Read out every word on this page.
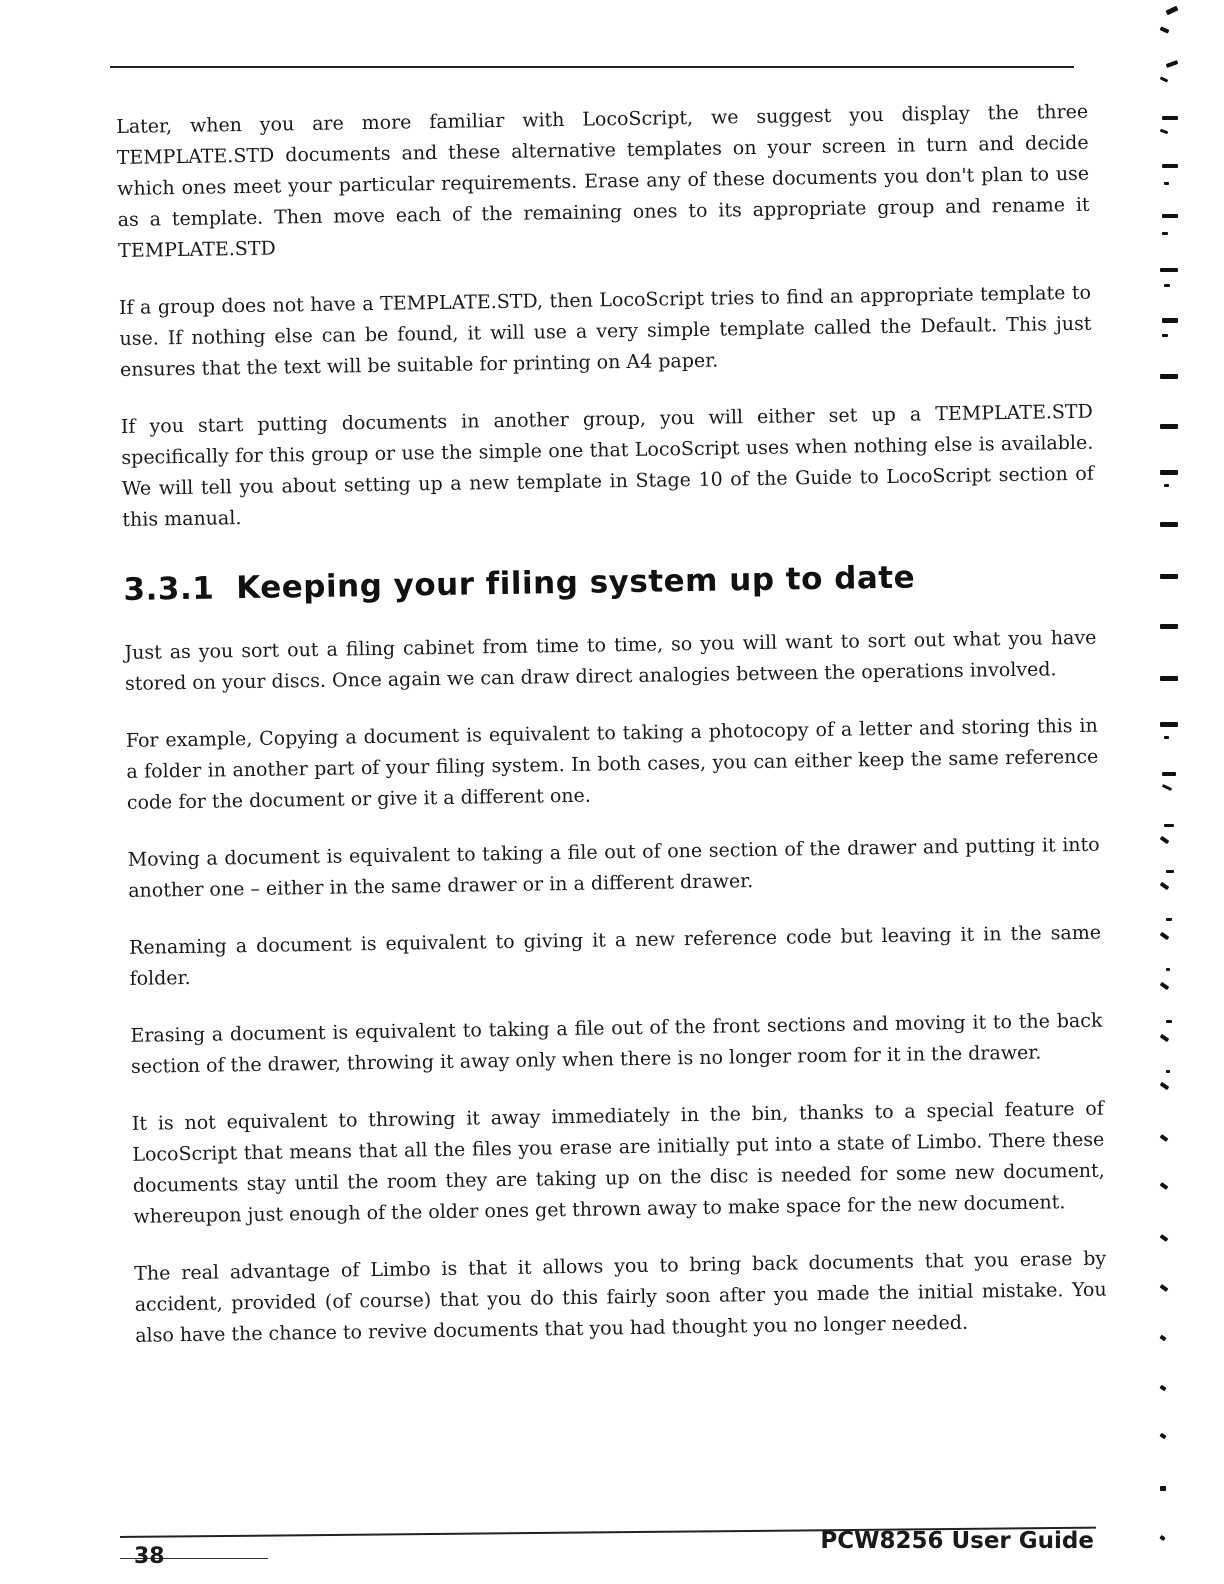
Later, when you are more familiar with LocoScript, we suggest you display the three TEMPLATE.STD documents and these alternative templates on your screen in turn and decide which ones meet your particular requirements. Erase any of these documents you don't plan to use as a template. Then move each of the remaining ones to its appropriate group and rename it TEMPLATE.STD

If a group does not have a TEMPLATE.STD, then LocoScript tries to find an appropriate template to use. If nothing else can be found, it will use a very simple template called the Default. This just ensures that the text will be suitable for printing on A4 paper.

If you start putting documents in another group, you will either set up a TEMPLATE.STD specifically for this group or use the simple one that LocoScript uses when nothing else is available. We will tell you about setting up a new template in Stage 10 of the Guide to LocoScript section of this manual.

3.3.1 Keeping your filing system up to date

Just as you sort out a filing cabinet from time to time, so you will want to sort out what you have stored on your discs. Once again we can draw direct analogies between the operations involved.

For example, Copying a document is equivalent to taking a photocopy of a letter and storing this in a folder in another part of your filing system. In both cases, you can either keep the same reference code for the document or give it a different one.

Moving a document is equivalent to taking a file out of one section of the drawer and putting it into another one – either in the same drawer or in a different drawer.

Renaming a document is equivalent to giving it a new reference code but leaving it in the same folder.

Erasing a document is equivalent to taking a file out of the front sections and moving it to the back section of the drawer, throwing it away only when there is no longer room for it in the drawer.

It is not equivalent to throwing it away immediately in the bin, thanks to a special feature of LocoScript that means that all the files you erase are initially put into a state of Limbo. There these documents stay until the room they are taking up on the disc is needed for some new document, whereupon just enough of the older ones get thrown away to make space for the new document.

The real advantage of Limbo is that it allows you to bring back documents that you erase by accident, provided (of course) that you do this fairly soon after you made the initial mistake. You also have the chance to revive documents that you had thought you no longer needed.

38
PCW8256 User Guide
